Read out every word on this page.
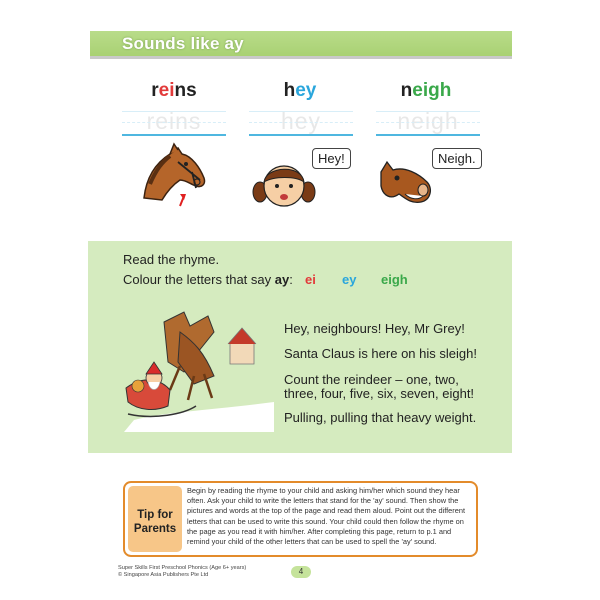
Sounds like ay
reins
reins
hey
hey
neigh
neigh
Hey!	Neigh.
Read the rhyme.
Colour the letters that say ay: ei ey eigh
Hey, neighbours! Hey, Mr Grey!
Santa Claus is here on his sleigh!
Count the reindeer – one, two,
three, four, five, six, seven, eight!
Pulling, pulling that heavy weight.
Tip for
Parents
Begin by reading the rhyme to your child and asking him/her which sound they hear often. Ask your child to write the letters that stand for the 'ay' sound. Then show the pictures and words at the top of the page and read them aloud. Point out the different letters that can be used to write this sound. Your child could then follow the rhyme on the page as you read it with him/her. After completing this page, return to p.1 and remind your child of the other letters that can be used to spell the 'ay' sound.
Super Skills First Preschool Phonics (Age 6+ years)
© Singapore Asia Publishers Pte Ltd	4
